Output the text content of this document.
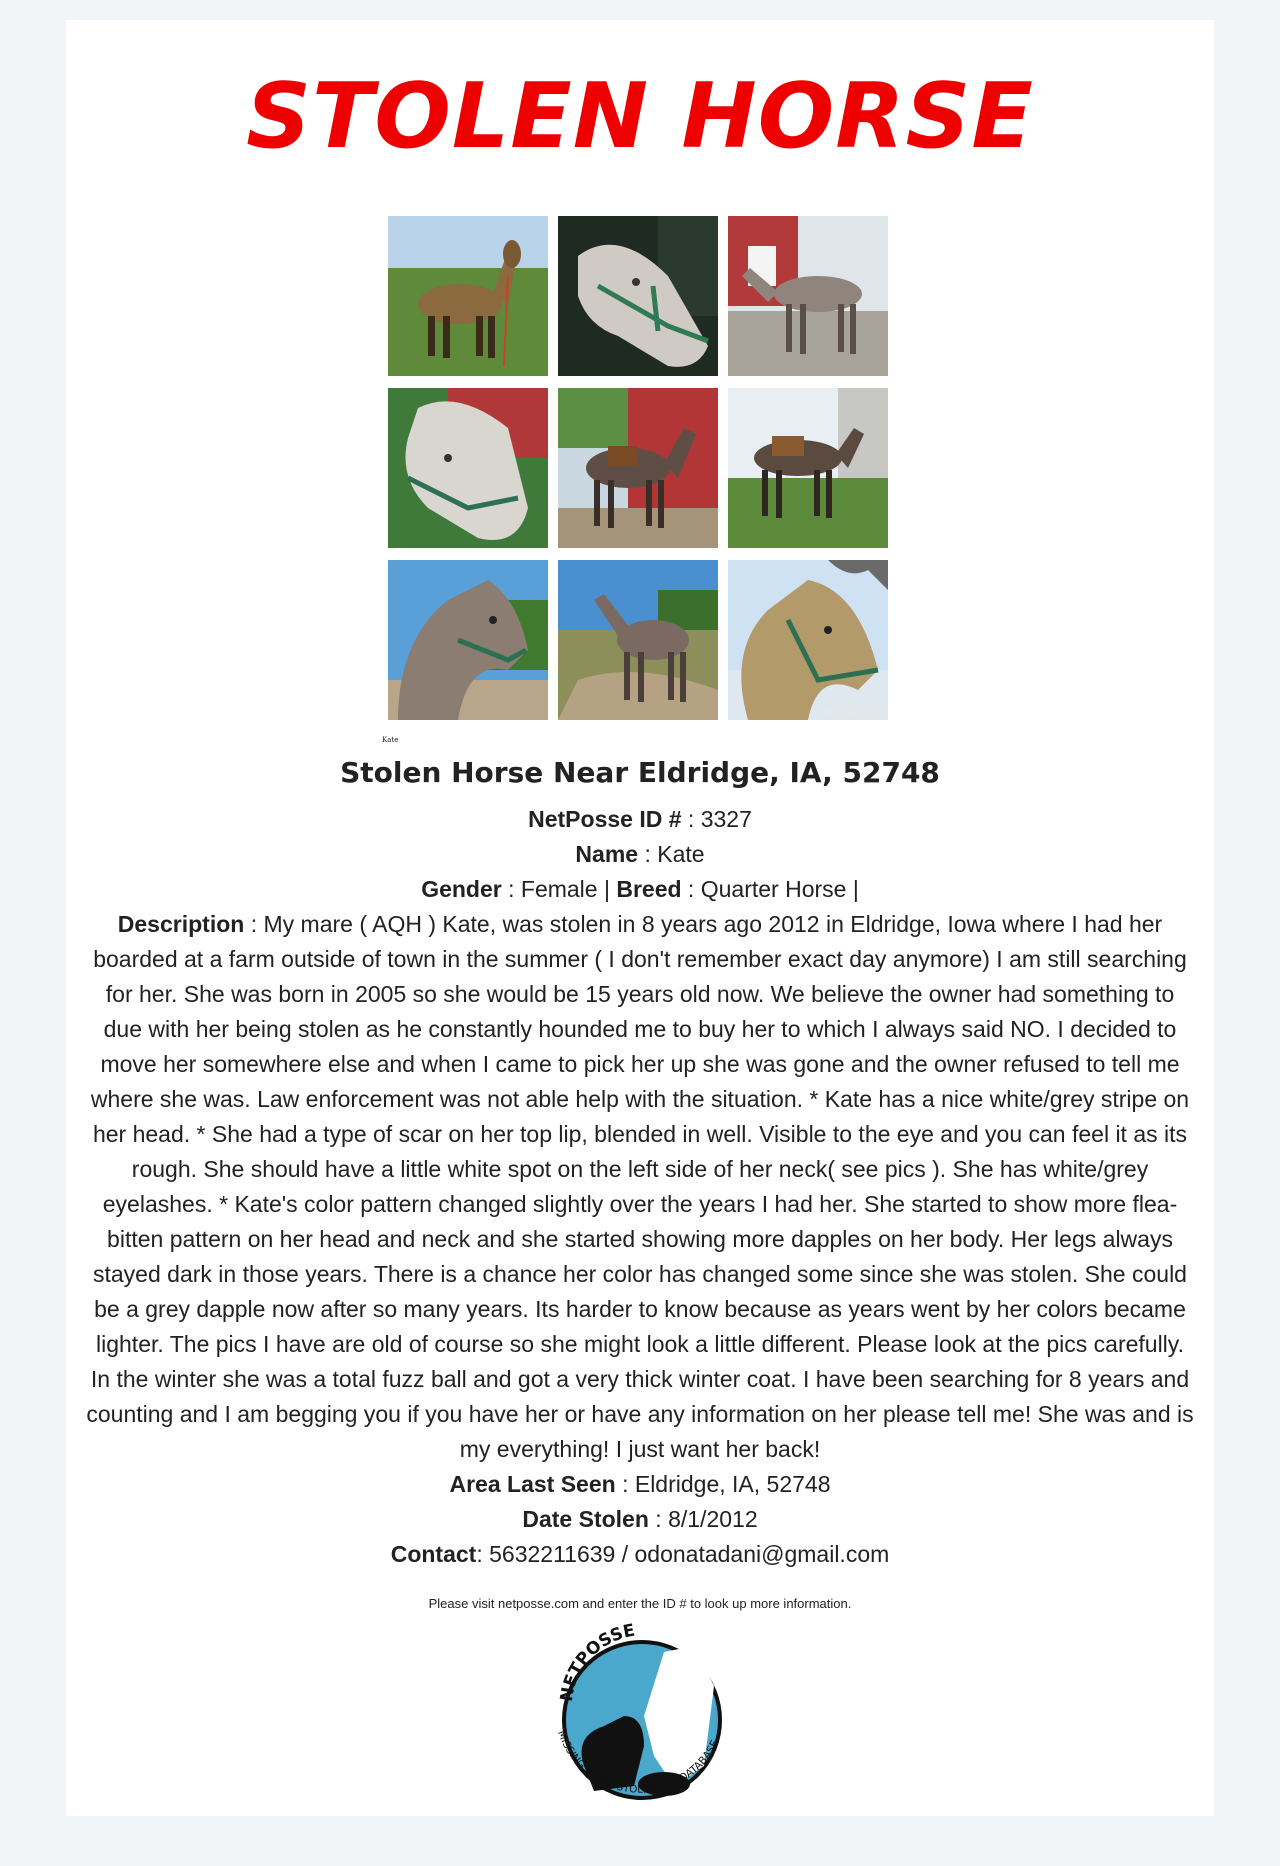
STOLEN HORSE
Netposse.com
Kate
Stolen Horse Near Eldridge, IA, 52748

NetPosse ID # : 3327

Name : Kate

Gender : Female | Breed : Quarter Horse |

Description : My mare ( AQH ) Kate, was stolen in 8 years ago 2012 in Eldridge, Iowa where I had her boarded at a farm outside of town in the summer ( I don't remember exact day anymore) I am still searching for her. She was born in 2005 so she would be 15 years old now. We believe the owner had something to due with her being stolen as he constantly hounded me to buy her to which I always said NO. I decided to move her somewhere else and when I came to pick her up she was gone and the owner refused to tell me where she was. Law enforcement was not able help with the situation. * Kate has a nice white/grey stripe on her head. * She had a type of scar on her top lip, blended in well. Visible to the eye and you can feel it as its rough. She should have a little white spot on the left side of her neck( see pics ). She has white/grey eyelashes. * Kate's color pattern changed slightly over the years I had her. She started to show more flea-bitten pattern on her head and neck and she started showing more dapples on her body. Her legs always stayed dark in those years. There is a chance her color has changed some since she was stolen. She could be a grey dapple now after so many years. Its harder to know because as years went by her colors became lighter. The pics I have are old of course so she might look a little different. Please look at the pics carefully. In the winter she was a total fuzz ball and got a very thick winter coat. I have been searching for 8 years and counting and I am begging you if you have her or have any information on her please tell me! She was and is my everything! I just want her back!

Area Last Seen : Eldridge, IA, 52748

Date Stolen : 8/1/2012

Contact: 5632211639 / odonatadani@gmail.com

Please visit netposse.com and enter the ID # to look up more information.
NETPOSSE
MISSING, LOST, STOLEN PET DATABASE
